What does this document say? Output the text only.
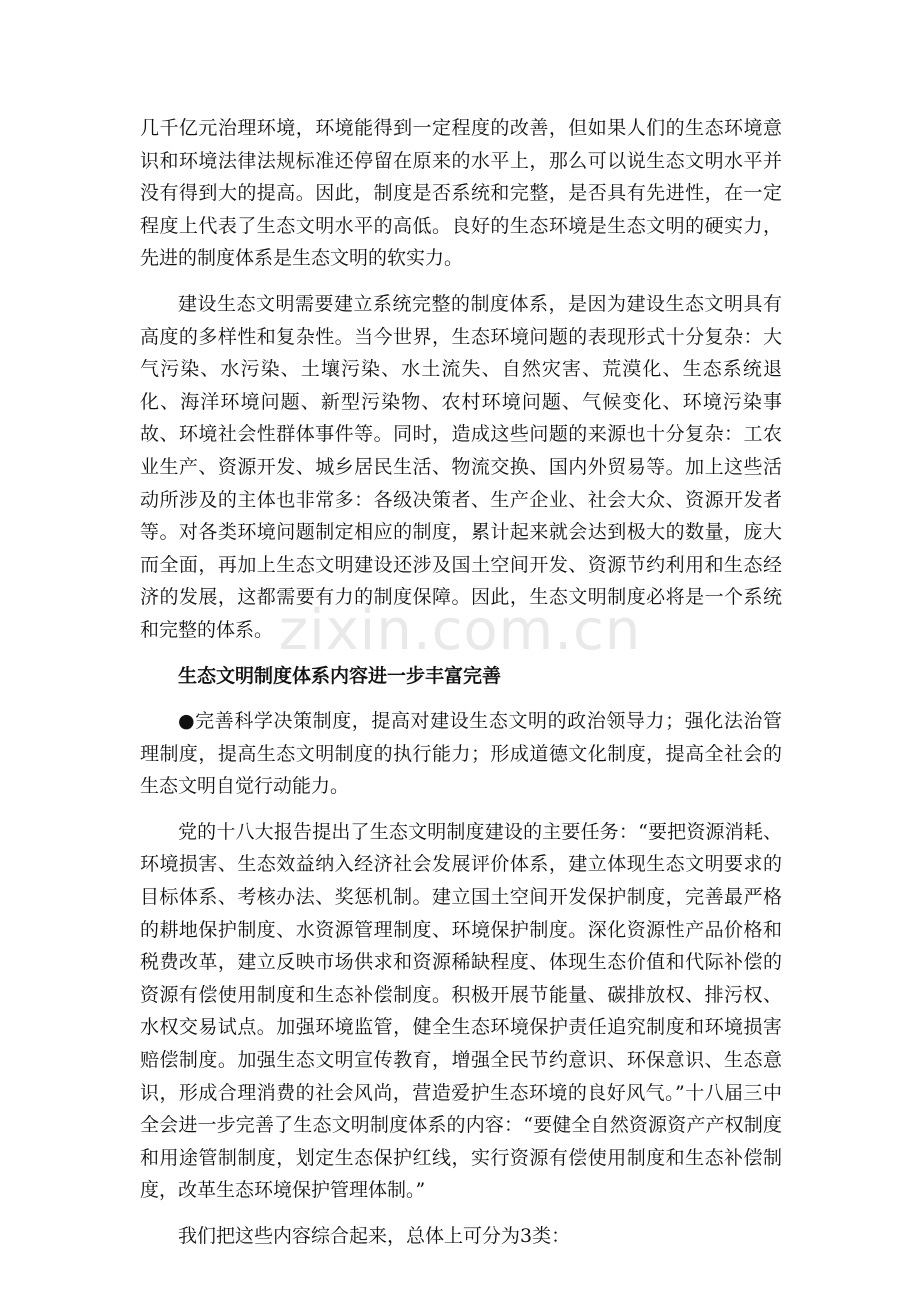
几千亿元治理环境，环境能得到一定程度的改善，但如果人们的生态环境意识和环境法律法规标准还停留在原来的水平上，那么可以说生态文明水平并没有得到大的提高。因此，制度是否系统和完整，是否具有先进性，在一定程度上代表了生态文明水平的高低。良好的生态环境是生态文明的硬实力，先进的制度体系是生态文明的软实力。

建设生态文明需要建立系统完整的制度体系，是因为建设生态文明具有高度的多样性和复杂性。当今世界，生态环境问题的表现形式十分复杂：大气污染、水污染、土壤污染、水土流失、自然灾害、荒漠化、生态系统退化、海洋环境问题、新型污染物、农村环境问题、气候变化、环境污染事故、环境社会性群体事件等。同时，造成这些问题的来源也十分复杂：工农业生产、资源开发、城乡居民生活、物流交换、国内外贸易等。加上这些活动所涉及的主体也非常多：各级决策者、生产企业、社会大众、资源开发者等。对各类环境问题制定相应的制度，累计起来就会达到极大的数量，庞大而全面，再加上生态文明建设还涉及国土空间开发、资源节约利用和生态经济的发展，这都需要有力的制度保障。因此，生态文明制度必将是一个系统和完整的体系。

生态文明制度体系内容进一步丰富完善

●完善科学决策制度，提高对建设生态文明的政治领导力；强化法治管理制度，提高生态文明制度的执行能力；形成道德文化制度，提高全社会的生态文明自觉行动能力。

党的十八大报告提出了生态文明制度建设的主要任务：“要把资源消耗、环境损害、生态效益纳入经济社会发展评价体系，建立体现生态文明要求的目标体系、考核办法、奖惩机制。建立国土空间开发保护制度，完善最严格的耕地保护制度、水资源管理制度、环境保护制度。深化资源性产品价格和税费改革，建立反映市场供求和资源稀缺程度、体现生态价值和代际补偿的资源有偿使用制度和生态补偿制度。积极开展节能量、碳排放权、排污权、水权交易试点。加强环境监管，健全生态环境保护责任追究制度和环境损害赔偿制度。加强生态文明宣传教育，增强全民节约意识、环保意识、生态意识，形成合理消费的社会风尚，营造爱护生态环境的良好风气。”十八届三中全会进一步完善了生态文明制度体系的内容：“要健全自然资源资产产权制度和用途管制制度，划定生态保护红线，实行资源有偿使用制度和生态补偿制度，改革生态环境保护管理体制。”

我们把这些内容综合起来，总体上可分为3类：

zixin.com.cn
